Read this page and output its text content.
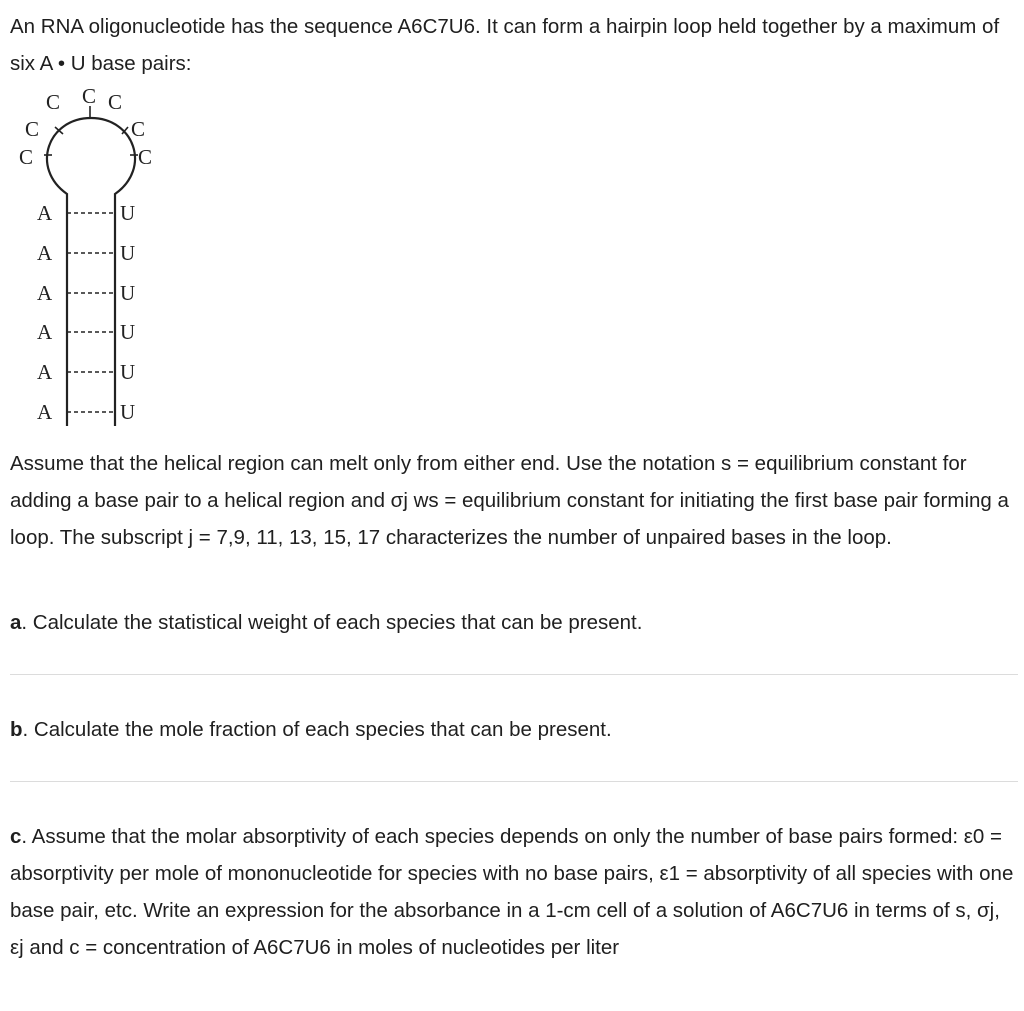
An RNA oligonucleotide has the sequence A6C7U6. It can form a hairpin loop held together by a maximum of six A • U base pairs:

C
C
C C C
C
C
A	U
A	U
A	U
A	U
A	U
A	U

Assume that the helical region can melt only from either end. Use the notation s = equilibrium constant for adding a base pair to a helical region and σj ws = equilibrium constant for initiating the first base pair forming a loop. The subscript j = 7,9, 11, 13, 15, 17 characterizes the number of unpaired bases in the loop.

a. Calculate the statistical weight of each species that can be present.

b. Calculate the mole fraction of each species that can be present.

c. Assume that the molar absorptivity of each species depends on only the number of base pairs formed: ε0 = absorptivity per mole of mononucleotide for species with no base pairs, ε1 = absorptivity of all species with one base pair, etc. Write an expression for the absorbance in a 1-cm cell of a solution of A6C7U6 in terms of s, σj, εj and c = concentration of A6C7U6 in moles of nucleotides per liter
